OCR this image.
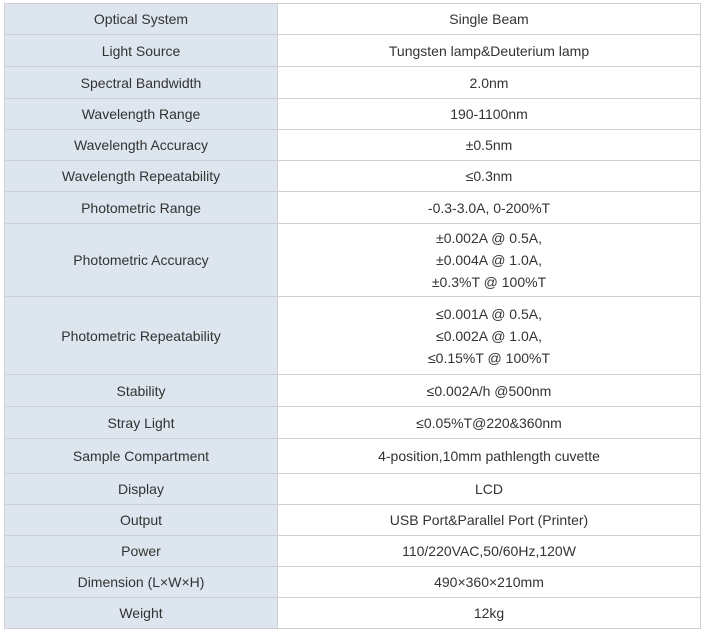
Optical System	Single Beam

Light Source	Tungsten lamp&Deuterium lamp

Spectral Bandwidth	2.0nm

Wavelength Range	190-1100nm

Wavelength Accuracy	±0.5nm

Wavelength Repeatability	≤0.3nm

Photometric Range	-0.3-3.0A, 0-200%T

Photometric Accuracy	±0.002A @ 0.5A,
±0.004A @ 1.0A,
±0.3%T @ 100%T

Photometric Repeatability	≤0.001A @ 0.5A,
≤0.002A @ 1.0A,
≤0.15%T @ 100%T

Stability	≤0.002A/h @500nm

Stray Light	≤0.05%T@220&360nm

Sample Compartment	4-position,10mm pathlength cuvette

Display	LCD

Output	USB Port&Parallel Port (Printer)

Power	110/220VAC,50/60Hz,120W

Dimension (L×W×H)	490×360×210mm

Weight	12kg
